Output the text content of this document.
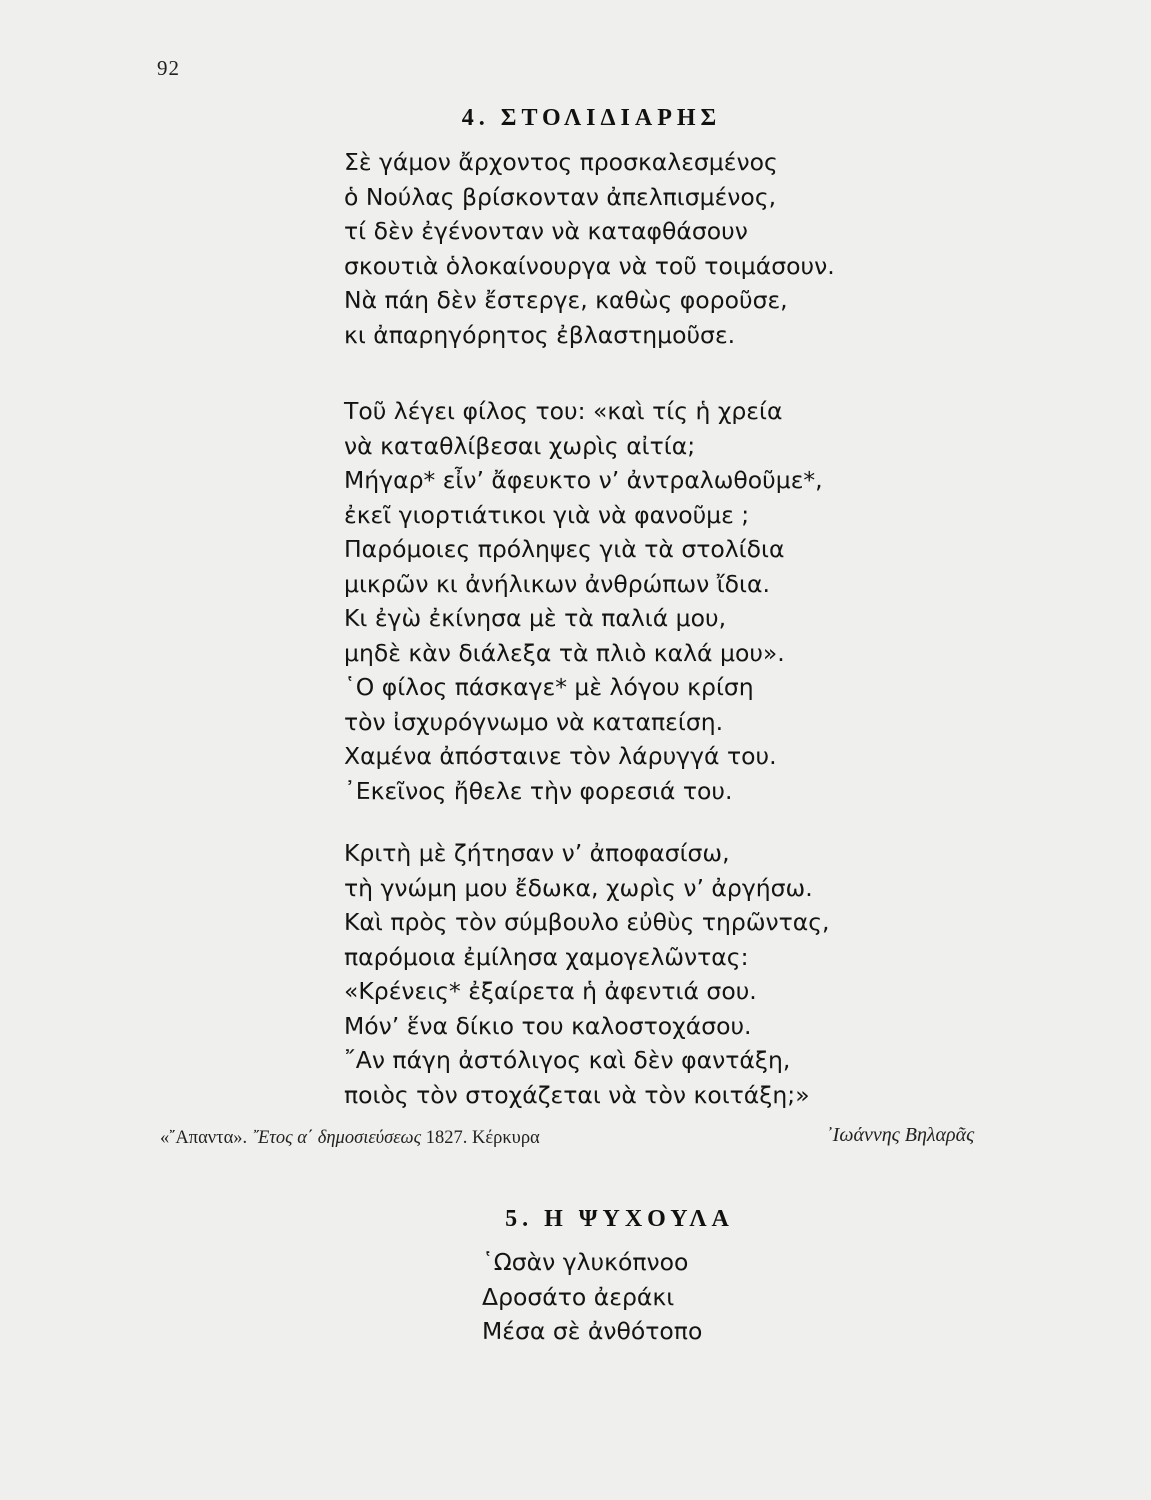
92
4. ΣΤΟΛΙΔΙΑΡΗΣ
Σὲ γάμον ἄρχοντος προσκαλεσμένος
ὁ Νούλας βρίσκονταν ἀπελπισμένος,
τί δὲν ἐγένονταν νὰ καταφθάσουν
σκουτιὰ ὁλοκαίνουργα νὰ τοῦ τοιμάσουν.
Νὰ πάη δὲν ἔστεργε, καθὼς φοροῦσε,
κι ἀπαρηγόρητος ἐβλαστημοῦσε.
Τοῦ λέγει φίλος του: «καὶ τίς ἡ χρεία
νὰ καταθλίβεσαι χωρὶς αἰτία;
Μήγαρ* εἶν’ ἄφευκτο ν’ ἀντραλωθοῦμε*,
ἐκεῖ γιορτιάτικοι γιὰ νὰ φανοῦμε ;
Παρόμοιες πρόληψες γιὰ τὰ στολίδια
μικρῶν κι ἀνήλικων ἀνθρώπων ἴδια.
Κι ἐγὼ ἐκίνησα μὲ τὰ παλιά μου,
μηδὲ κὰν διάλεξα τὰ πλιὸ καλά μου».
῾Ο φίλος πάσκαγε* μὲ λόγου κρίση
τὸν ἰσχυρόγνωμο νὰ καταπείση.
Χαμένα ἀπόσταινε τὸν λάρυγγά του.
᾿Εκεῖνος ἤθελε τὴν φορεσιά του.
Κριτὴ μὲ ζήτησαν ν’ ἀποφασίσω,
τὴ γνώμη μου ἔδωκα, χωρὶς ν’ ἀργήσω.
Καὶ πρὸς τὸν σύμβουλο εὐθὺς τηρῶντας,
παρόμοια ἐμίλησα χαμογελῶντας:
«Κρένεις* ἐξαίρετα ἡ ἀφεντιά σου.
Μόν’ ἕνα δίκιο του καλοστοχάσου.
῎Αν πάγη ἀστόλιγος καὶ δὲν φαντάξη,
ποιὸς τὸν στοχάζεται νὰ τὸν κοιτάξη;»
«῎Απαντα». ῎Ετος α΄ δημοσιεύσεως 1827. Κέρκυρα	᾿Ιωάννης Βηλαρᾶς
5. Η ΨΥΧΟΥΛΑ
῾Ωσὰν γλυκόπνοο
Δροσάτο ἀεράκι
Μέσα σὲ ἀνθότοπο
